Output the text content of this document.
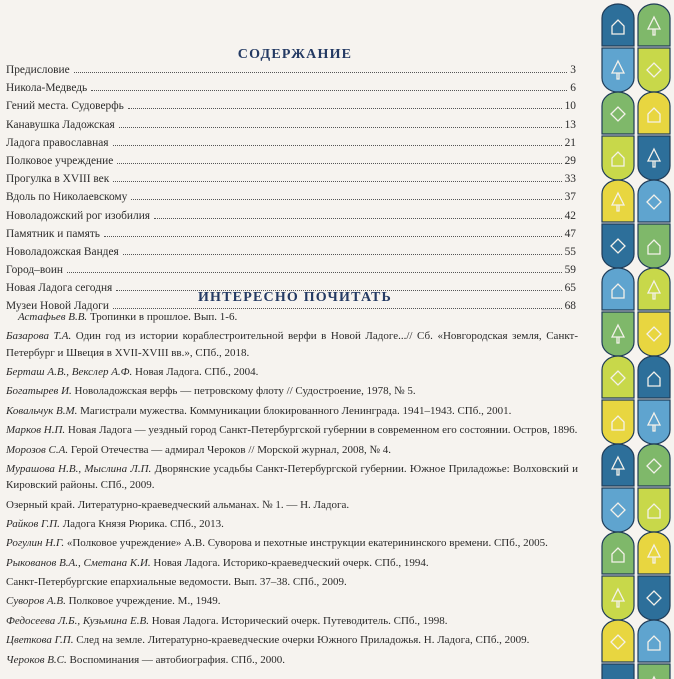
СОДЕРЖАНИЕ
Предисловие	3
Никола-Медведь	6
Гений места. Судоверфь	10
Канавушка Ладожская	13
Ладога православная	21
Полковое учреждение	29
Прогулка в XVIII век	33
Вдоль по Николаевскому	37
Новоладожский рог изобилия	42
Памятник и память	47
Новоладожская Вандея	55
Город–воин	59
Новая Ладога сегодня	65
Музеи Новой Ладоги	68
ИНТЕРЕСНО ПОЧИТАТЬ
Астафьев В.В. Тропинки в прошлое. Вып. 1-6.
Базарова Т.А. Один год из истории кораблестроительной верфи в Новой Ладоге...// Сб. «Новгородская земля, Санкт-Петербург и Швеция в XVII-XVIII вв.», СПб., 2018.
Берташ А.В., Векслер А.Ф. Новая Ладога. СПб., 2004.
Богатырев И. Новоладожская верфь — петровскому флоту // Судостроение, 1978, № 5.
Ковальчук В.М. Магистрали мужества. Коммуникации блокированного Ленинграда. 1941–1943. СПб., 2001.
Марков Н.П. Новая Ладога — уездный город Санкт-Петербургской губернии в современном его состоянии. Остров, 1896.
Морозов С.А. Герой Отечества — адмирал Чероков // Морской журнал, 2008, № 4.
Мурашова Н.В., Мыслина Л.П. Дворянские усадьбы Санкт-Петербургской губернии. Южное Приладожье: Волховский и Кировский районы. СПб., 2009.
Озерный край. Литературно-краеведческий альманах. № 1. — Н. Ладога.
Райков Г.П. Ладога Князя Рюрика. СПб., 2013.
Рогулин Н.Г. «Полковое учреждение» А.В. Суворова и пехотные инструкции екатерининского времени. СПб., 2005.
Рыкованов В.А., Сметана К.И. Новая Ладога. Историко-краеведческий очерк. СПб., 1994.
Санкт-Петербургские епархиальные ведомости. Вып. 37–38. СПб., 2009.
Суворов А.В. Полковое учреждение. М., 1949.
Федосеева Л.Б., Кузьмина Е.В. Новая Ладога. Исторический очерк. Путеводитель. СПб., 1998.
Цветкова Г.П. След на земле. Литературно-краеведческие очерки Южного Приладожья. Н. Ладога, СПб., 2009.
Чероков В.С. Воспоминания — автобиография. СПб., 2000.
